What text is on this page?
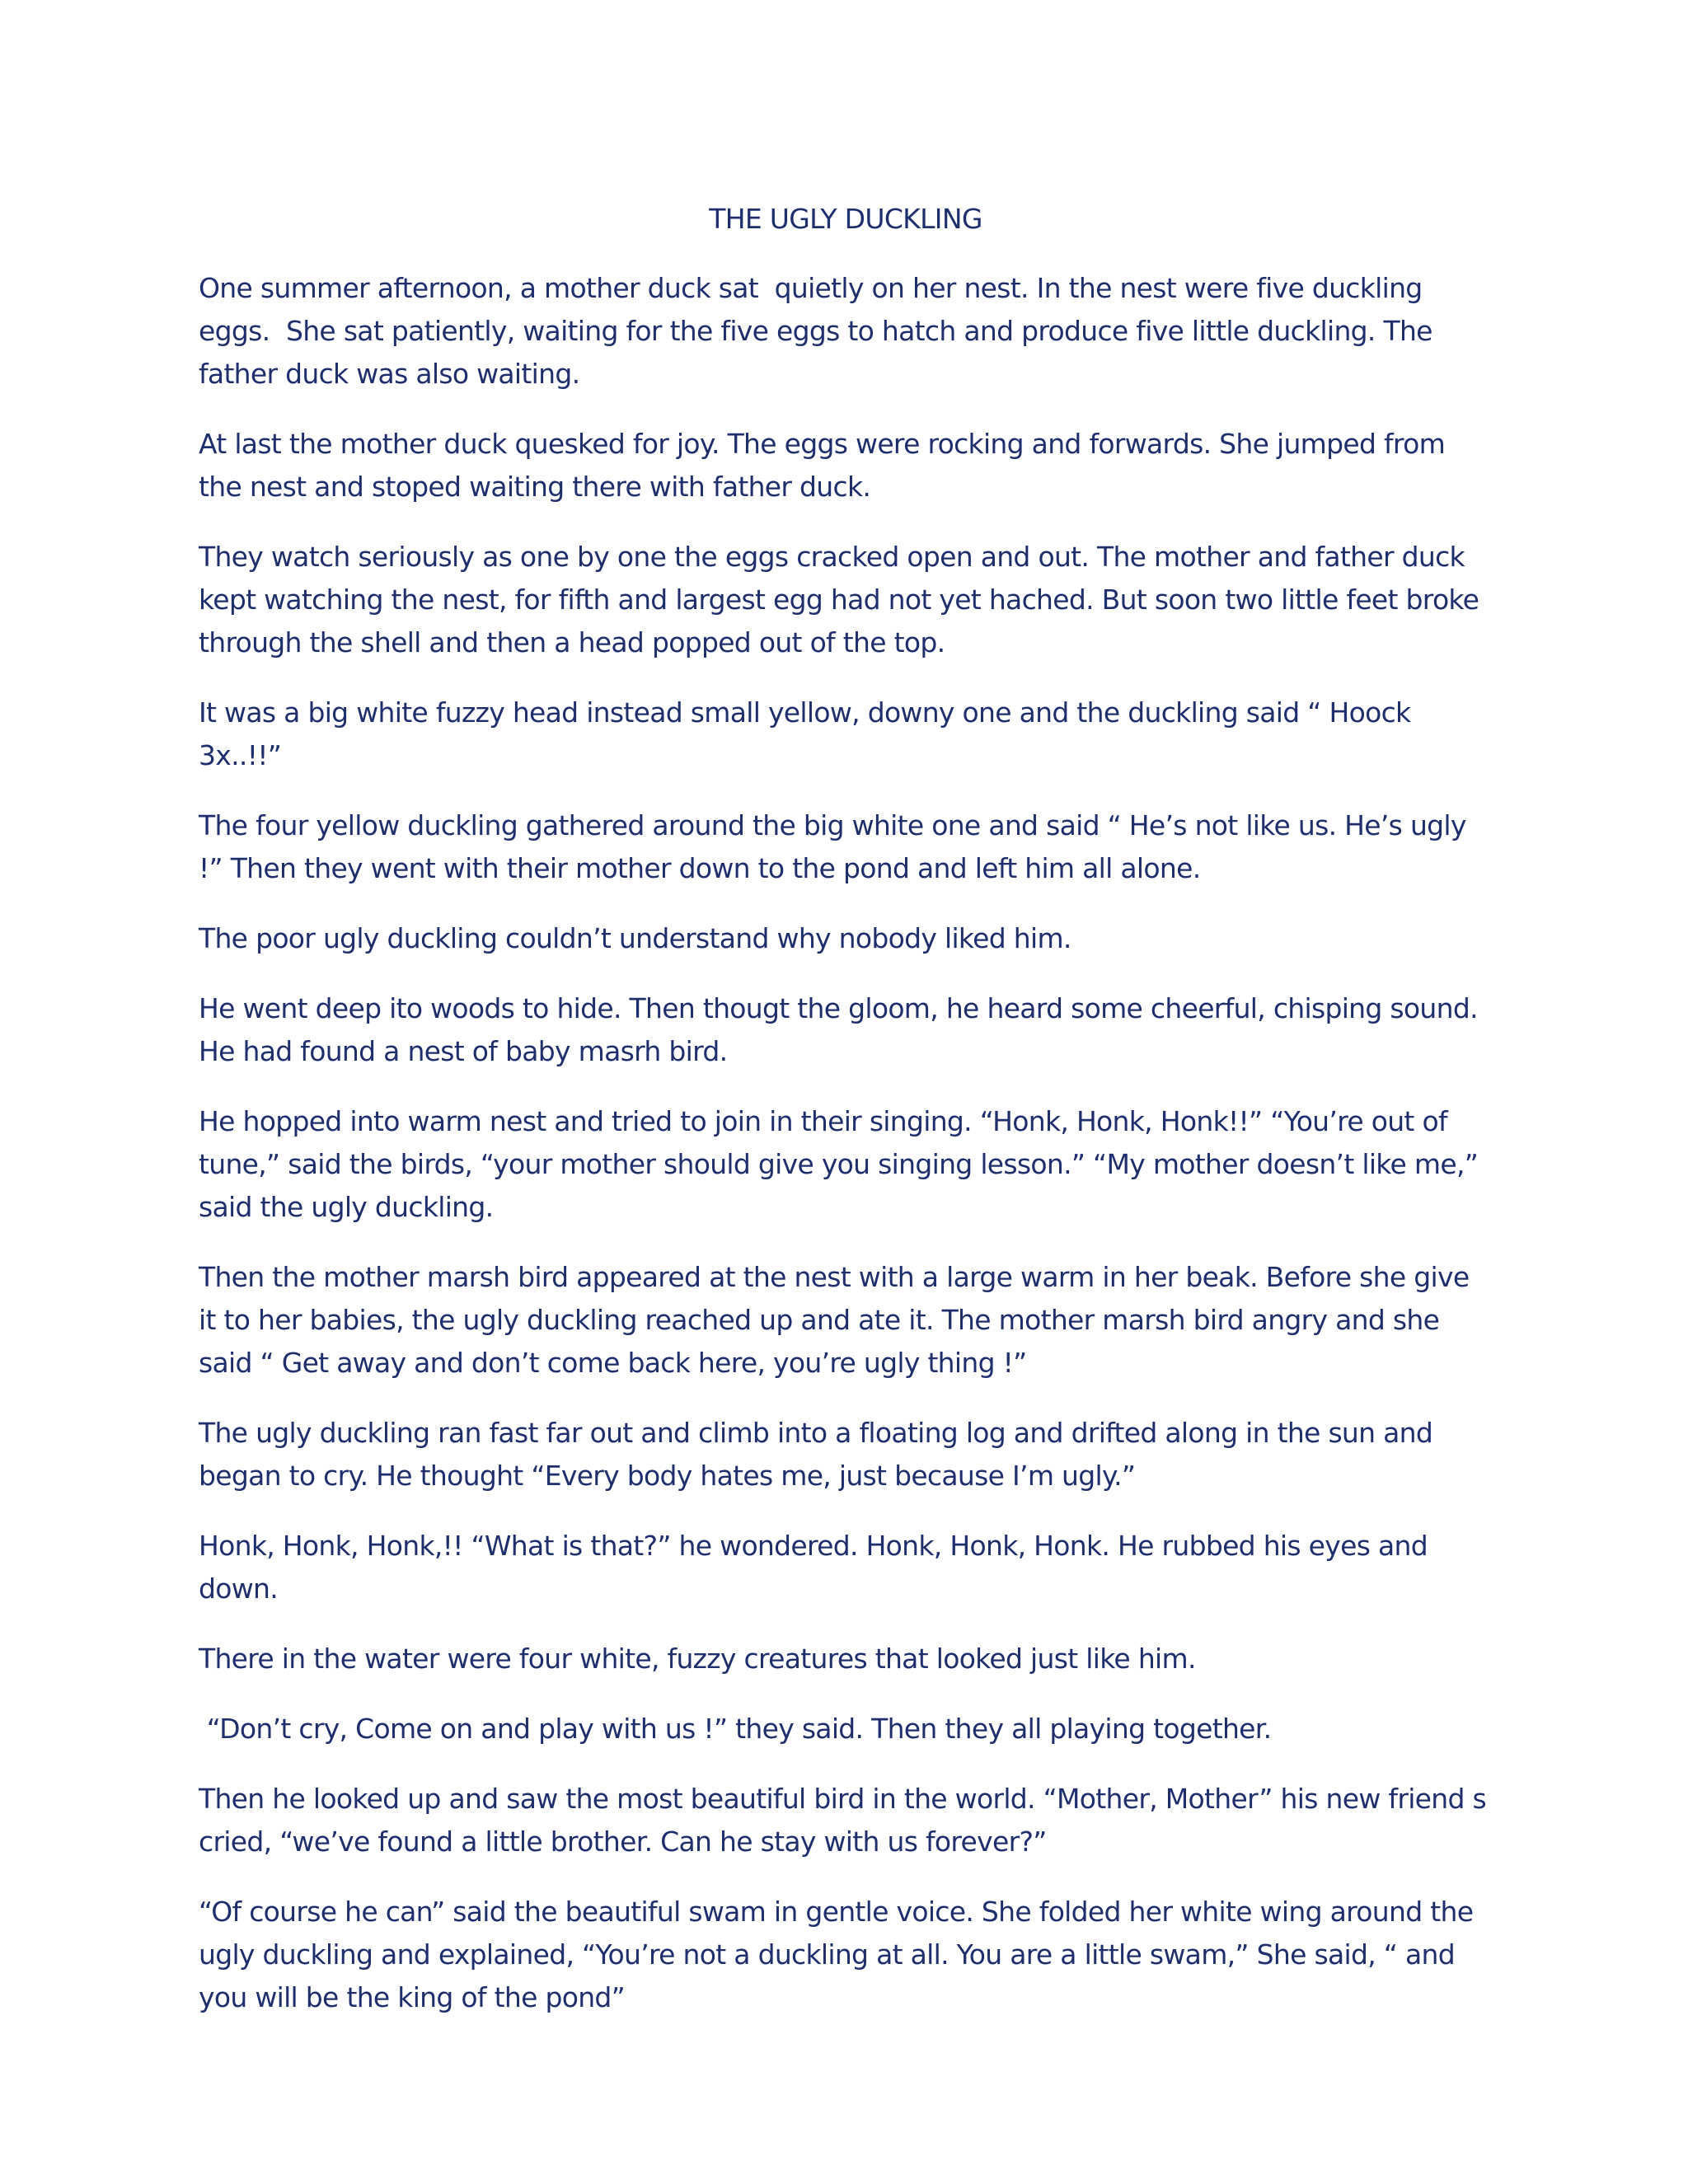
THE UGLY DUCKLING

One summer afternoon, a mother duck sat  quietly on her nest. In the nest were five duckling eggs.  She sat patiently, waiting for the five eggs to hatch and produce five little duckling. The father duck was also waiting.

At last the mother duck quesked for joy. The eggs were rocking and forwards. She jumped from the nest and stoped waiting there with father duck.

They watch seriously as one by one the eggs cracked open and out. The mother and father duck kept watching the nest, for fifth and largest egg had not yet hached. But soon two little feet broke through the shell and then a head popped out of the top.

It was a big white fuzzy head instead small yellow, downy one and the duckling said “ Hoock 3x..!!”

The four yellow duckling gathered around the big white one and said “ He’s not like us. He’s ugly !” Then they went with their mother down to the pond and left him all alone.

The poor ugly duckling couldn’t understand why nobody liked him.

He went deep ito woods to hide. Then thougt the gloom, he heard some cheerful, chisping sound. He had found a nest of baby masrh bird.

He hopped into warm nest and tried to join in their singing. “Honk, Honk, Honk!!” “You’re out of tune,” said the birds, “your mother should give you singing lesson.” “My mother doesn’t like me,” said the ugly duckling.

Then the mother marsh bird appeared at the nest with a large warm in her beak. Before she give it to her babies, the ugly duckling reached up and ate it. The mother marsh bird angry and she said “ Get away and don’t come back here, you’re ugly thing !”

The ugly duckling ran fast far out and climb into a floating log and drifted along in the sun and began to cry. He thought “Every body hates me, just because I’m ugly.”

Honk, Honk, Honk,!! “What is that?” he wondered. Honk, Honk, Honk. He rubbed his eyes and down.

There in the water were four white, fuzzy creatures that looked just like him.

“Don’t cry, Come on and play with us !” they said. Then they all playing together.

Then he looked up and saw the most beautiful bird in the world. “Mother, Mother” his new friend s cried, “we’ve found a little brother. Can he stay with us forever?”

“Of course he can” said the beautiful swam in gentle voice. She folded her white wing around the ugly duckling and explained, “You’re not a duckling at all. You are a little swam,” She said, “ and you will be the king of the pond”
